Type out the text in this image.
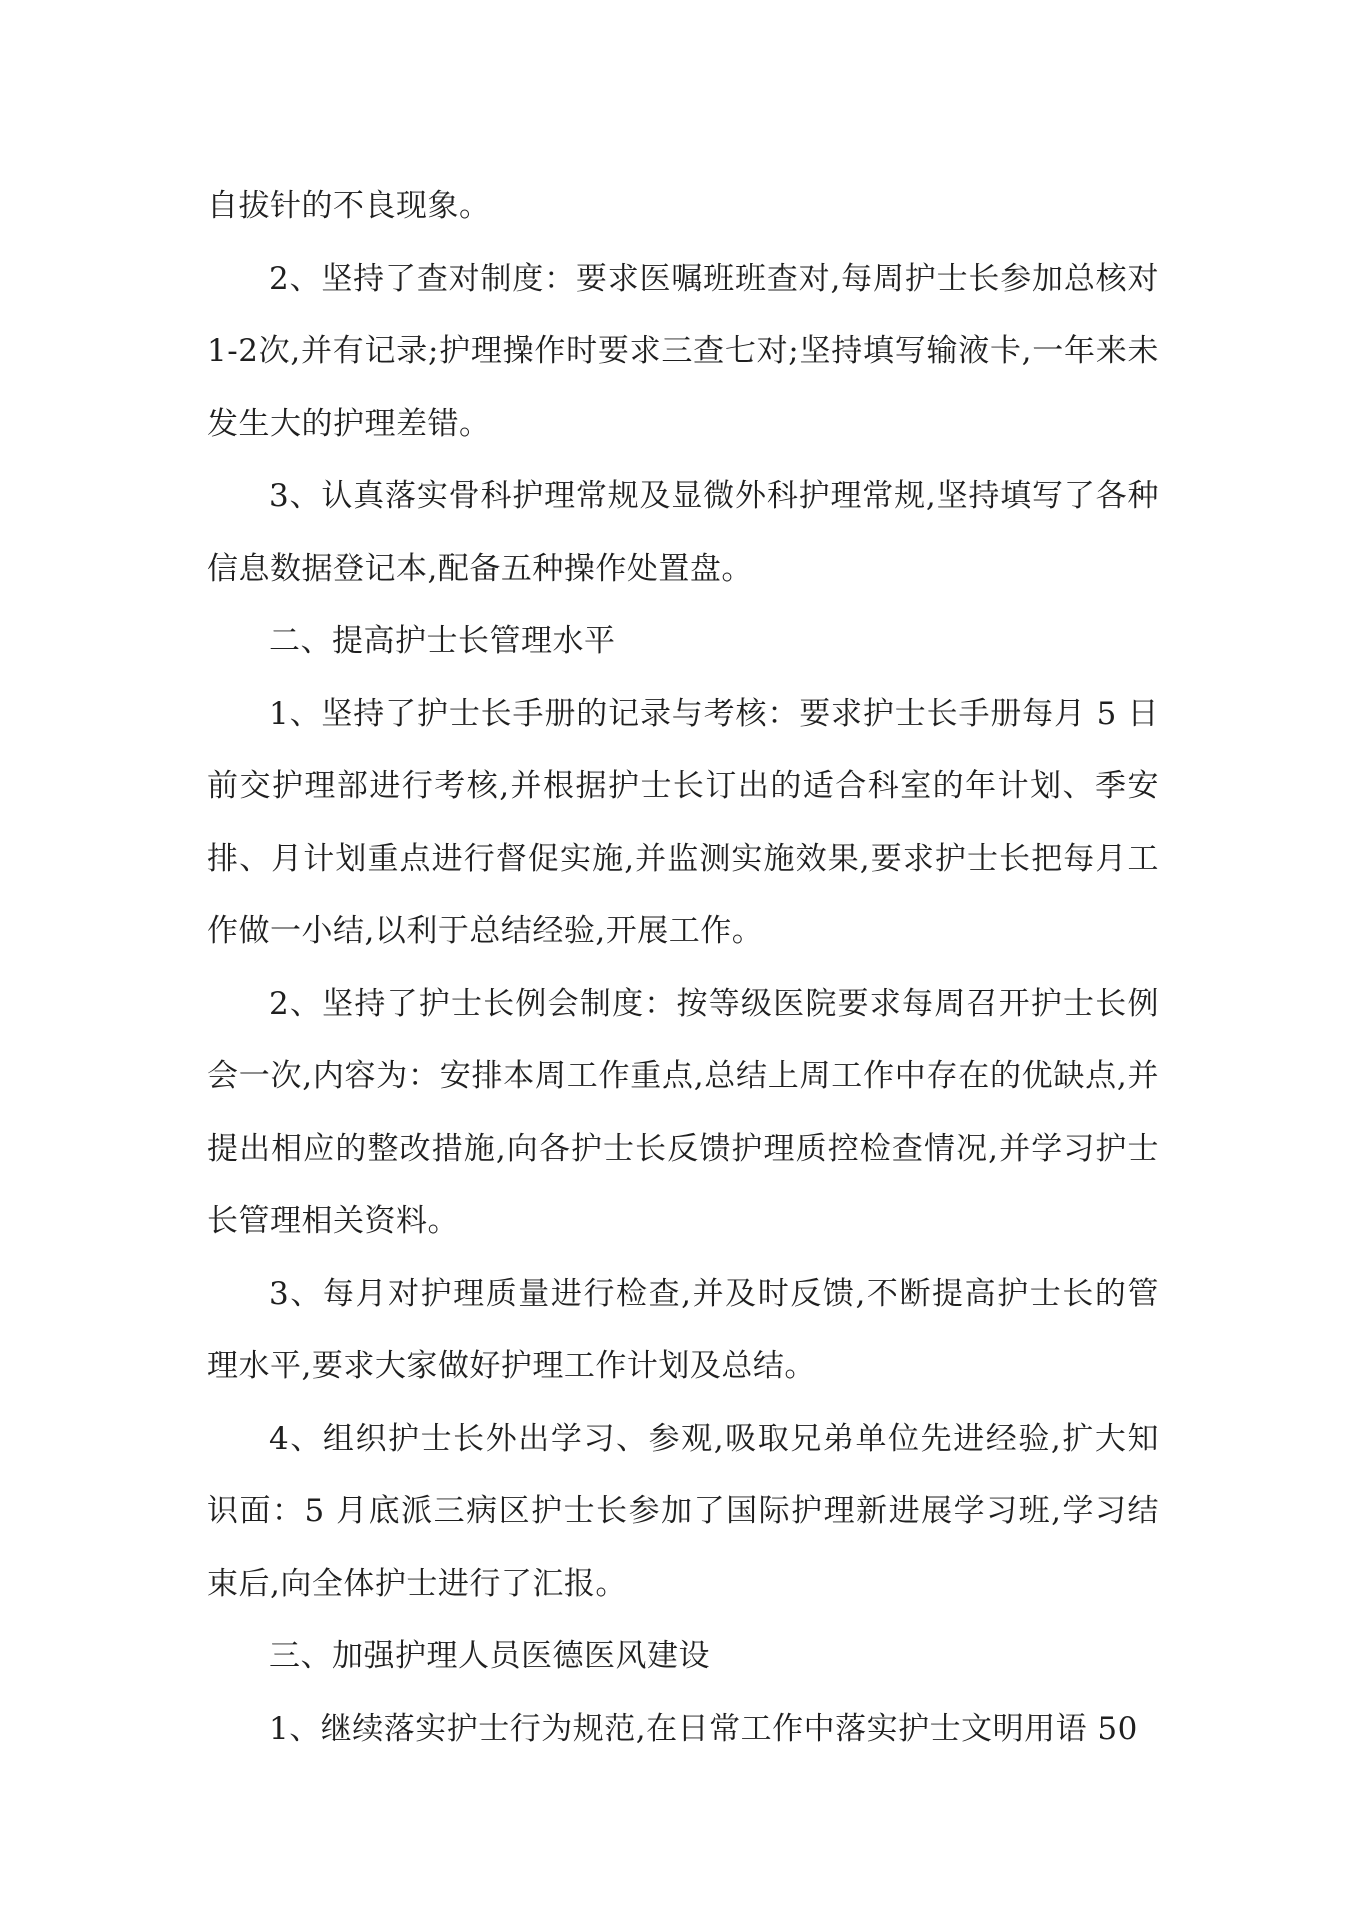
自拔针的不良现象。

2、坚持了查对制度：要求医嘱班班查对,每周护士长参加总核对1-2次,并有记录;护理操作时要求三查七对;坚持填写输液卡,一年来未发生大的护理差错。

3、认真落实骨科护理常规及显微外科护理常规,坚持填写了各种信息数据登记本,配备五种操作处置盘。

二、提高护士长管理水平

1、坚持了护士长手册的记录与考核：要求护士长手册每月 5 日前交护理部进行考核,并根据护士长订出的适合科室的年计划、季安排、月计划重点进行督促实施,并监测实施效果,要求护士长把每月工作做一小结,以利于总结经验,开展工作。

2、坚持了护士长例会制度：按等级医院要求每周召开护士长例会一次,内容为：安排本周工作重点,总结上周工作中存在的优缺点,并提出相应的整改措施,向各护士长反馈护理质控检查情况,并学习护士长管理相关资料。

3、每月对护理质量进行检查,并及时反馈,不断提高护士长的管理水平,要求大家做好护理工作计划及总结。

4、组织护士长外出学习、参观,吸取兄弟单位先进经验,扩大知识面：5 月底派三病区护士长参加了国际护理新进展学习班,学习结束后,向全体护士进行了汇报。

三、加强护理人员医德医风建设

1、继续落实护士行为规范,在日常工作中落实护士文明用语 50
